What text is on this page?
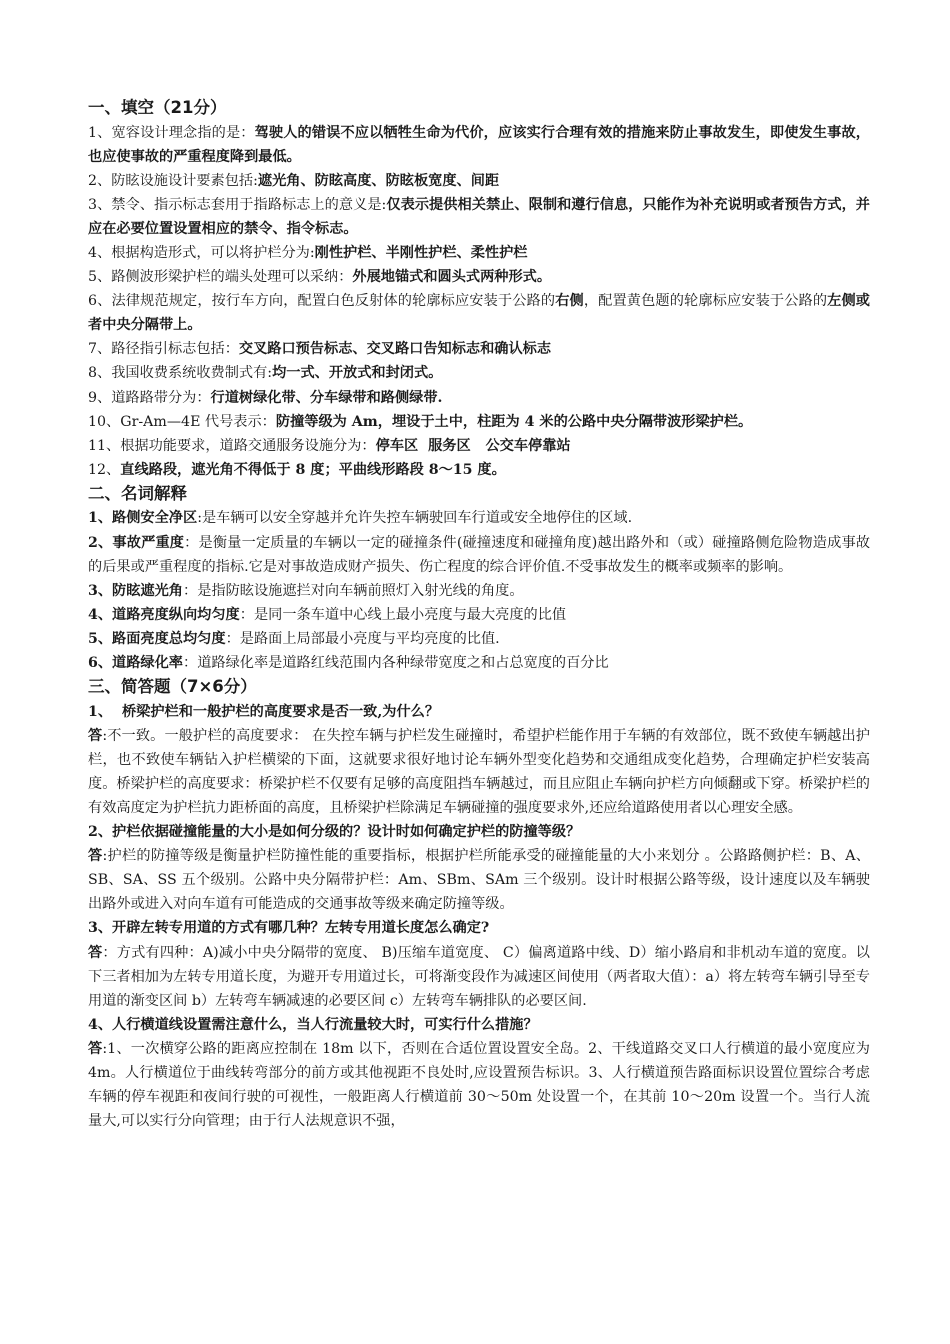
一、填空（21分）

1、宽容设计理念指的是：驾驶人的错误不应以牺牲生命为代价，应该实行合理有效的措施来防止事故发生，即使发生事故，也应使事故的严重程度降到最低。

2、防眩设施设计要素包括:遮光角、防眩高度、防眩板宽度、间距

3、禁令、指示标志套用于指路标志上的意义是:仅表示提供相关禁止、限制和遵行信息，只能作为补充说明或者预告方式，并应在必要位置设置相应的禁令、指令标志。

4、根据构造形式，可以将护栏分为:刚性护栏、半刚性护栏、柔性护栏

5、路侧波形梁护栏的端头处理可以采纳：外展地锚式和圆头式两种形式。

6、法律规范规定，按行车方向，配置白色反射体的轮廓标应安装于公路的右侧，配置黄色题的轮廓标应安装于公路的左侧或者中央分隔带上。

7、路径指引标志包括：交叉路口预告标志、交叉路口告知标志和确认标志

8、我国收费系统收费制式有:均一式、开放式和封闭式。

9、道路路带分为：行道树绿化带、分车绿带和路侧绿带.

10、Gr-Am—4E 代号表示：防撞等级为 Am，埋设于土中，柱距为 4 米的公路中央分隔带波形梁护栏。

11、根据功能要求，道路交通服务设施分为：停车区  服务区   公交车停靠站

12、直线路段，遮光角不得低于 8 度；平曲线形路段 8～15 度。

二、名词解释

1、路侧安全净区:是车辆可以安全穿越并允许失控车辆驶回车行道或安全地停住的区域.

2、事故严重度：是衡量一定质量的车辆以一定的碰撞条件(碰撞速度和碰撞角度)越出路外和（或）碰撞路侧危险物造成事故的后果或严重程度的指标.它是对事故造成财产损失、伤亡程度的综合评价值.不受事故发生的概率或频率的影响。

3、防眩遮光角：是指防眩设施遮拦对向车辆前照灯入射光线的角度。

4、道路亮度纵向均匀度：是同一条车道中心线上最小亮度与最大亮度的比值

5、路面亮度总均匀度：是路面上局部最小亮度与平均亮度的比值.

6、道路绿化率：道路绿化率是道路红线范围内各种绿带宽度之和占总宽度的百分比

三、简答题（7×6分）

1、  桥梁护栏和一般护栏的高度要求是否一致,为什么？

答:不一致。一般护栏的高度要求： 在失控车辆与护栏发生碰撞时，希望护栏能作用于车辆的有效部位，既不致使车辆越出护栏，也不致使车辆钻入护栏横梁的下面，这就要求很好地讨论车辆外型变化趋势和交通组成变化趋势，合理确定护栏安装高度。桥梁护栏的高度要求：桥梁护栏不仅要有足够的高度阻挡车辆越过，而且应阻止车辆向护栏方向倾翻或下穿。桥梁护栏的有效高度定为护栏抗力距桥面的高度，且桥梁护栏除满足车辆碰撞的强度要求外,还应给道路使用者以心理安全感。

2、护栏依据碰撞能量的大小是如何分级的？设计时如何确定护栏的防撞等级？

答:护栏的防撞等级是衡量护栏防撞性能的重要指标，根据护栏所能承受的碰撞能量的大小来划分 。公路路侧护栏：B、A、SB、SA、SS 五个级别。公路中央分隔带护栏：Am、SBm、SAm 三个级别。设计时根据公路等级，设计速度以及车辆驶出路外或进入对向车道有可能造成的交通事故等级来确定防撞等级。

3、开辟左转专用道的方式有哪几种？左转专用道长度怎么确定?

答：方式有四种：A)减小中央分隔带的宽度、 B)压缩车道宽度、 C）偏离道路中线、D）缩小路肩和非机动车道的宽度。以下三者相加为左转专用道长度，为避开专用道过长，可将渐变段作为减速区间使用（两者取大值）：a）将左转弯车辆引导至专用道的渐变区间 b）左转弯车辆减速的必要区间 c）左转弯车辆排队的必要区间.

4、人行横道线设置需注意什么，当人行流量较大时，可实行什么措施？

答:1、一次横穿公路的距离应控制在 18m 以下，否则在合适位置设置安全岛。2、干线道路交叉口人行横道的最小宽度应为 4m。人行横道位于曲线转弯部分的前方或其他视距不良处时,应设置预告标识。3、人行横道预告路面标识设置位置综合考虑车辆的停车视距和夜间行驶的可视性，一般距离人行横道前 30～50m 处设置一个，在其前 10～20m 设置一个。当行人流量大,可以实行分向管理；由于行人法规意识不强，
